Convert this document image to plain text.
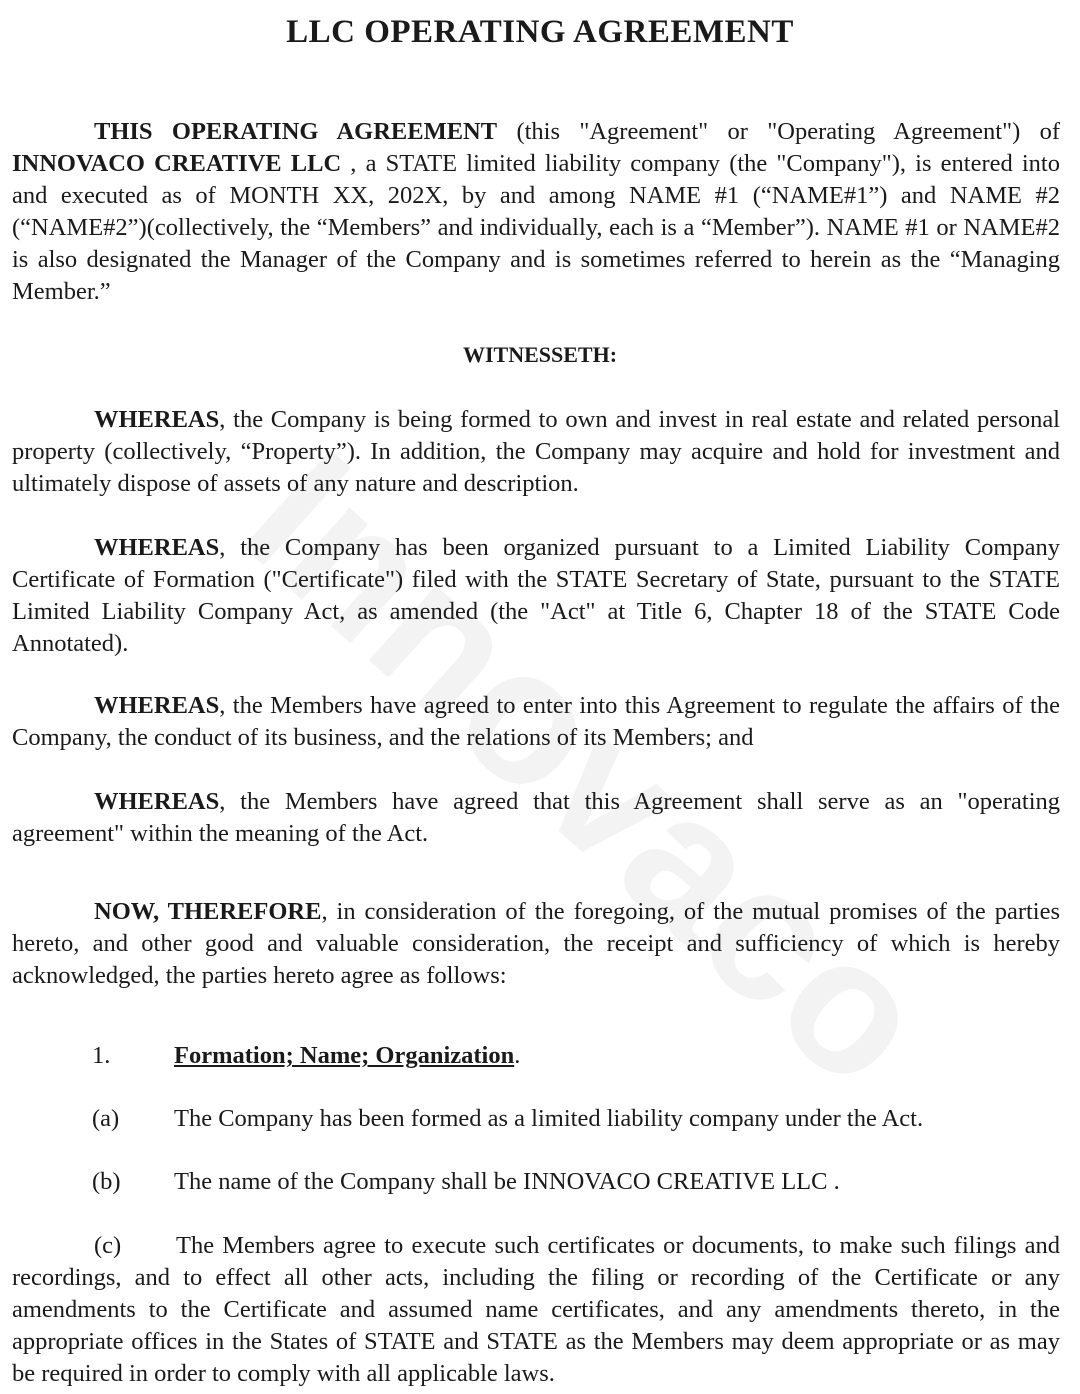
LLC OPERATING AGREEMENT
THIS OPERATING AGREEMENT (this "Agreement" or "Operating Agreement") of INNOVACO CREATIVE LLC , a STATE limited liability company (the "Company"), is entered into and executed as of MONTH XX, 202X, by and among NAME #1 (“NAME#1”) and NAME #2 (“NAME#2”)(collectively, the “Members” and individually, each is a “Member”). NAME #1 or NAME#2 is also designated the Manager of the Company and is sometimes referred to herein as the “Managing Member.”
WITNESSETH:
WHEREAS, the Company is being formed to own and invest in real estate and related personal property (collectively, “Property”). In addition, the Company may acquire and hold for investment and ultimately dispose of assets of any nature and description.
WHEREAS, the Company has been organized pursuant to a Limited Liability Company Certificate of Formation ("Certificate") filed with the STATE Secretary of State, pursuant to the STATE Limited Liability Company Act, as amended (the "Act" at Title 6, Chapter 18 of the STATE Code Annotated).
WHEREAS, the Members have agreed to enter into this Agreement to regulate the affairs of the Company, the conduct of its business, and the relations of its Members; and
WHEREAS, the Members have agreed that this Agreement shall serve as an "operating agreement" within the meaning of the Act.
NOW, THEREFORE, in consideration of the foregoing, of the mutual promises of the parties hereto, and other good and valuable consideration, the receipt and sufficiency of which is hereby acknowledged, the parties hereto agree as follows:
1.	Formation; Name; Organization.
(a) The Company has been formed as a limited liability company under the Act.
(b) The name of the Company shall be INNOVACO CREATIVE LLC .
(c) The Members agree to execute such certificates or documents, to make such filings and recordings, and to effect all other acts, including the filing or recording of the Certificate or any amendments to the Certificate and assumed name certificates, and any amendments thereto, in the appropriate offices in the States of STATE and STATE as the Members may deem appropriate or as may be required in order to comply with all applicable laws.
